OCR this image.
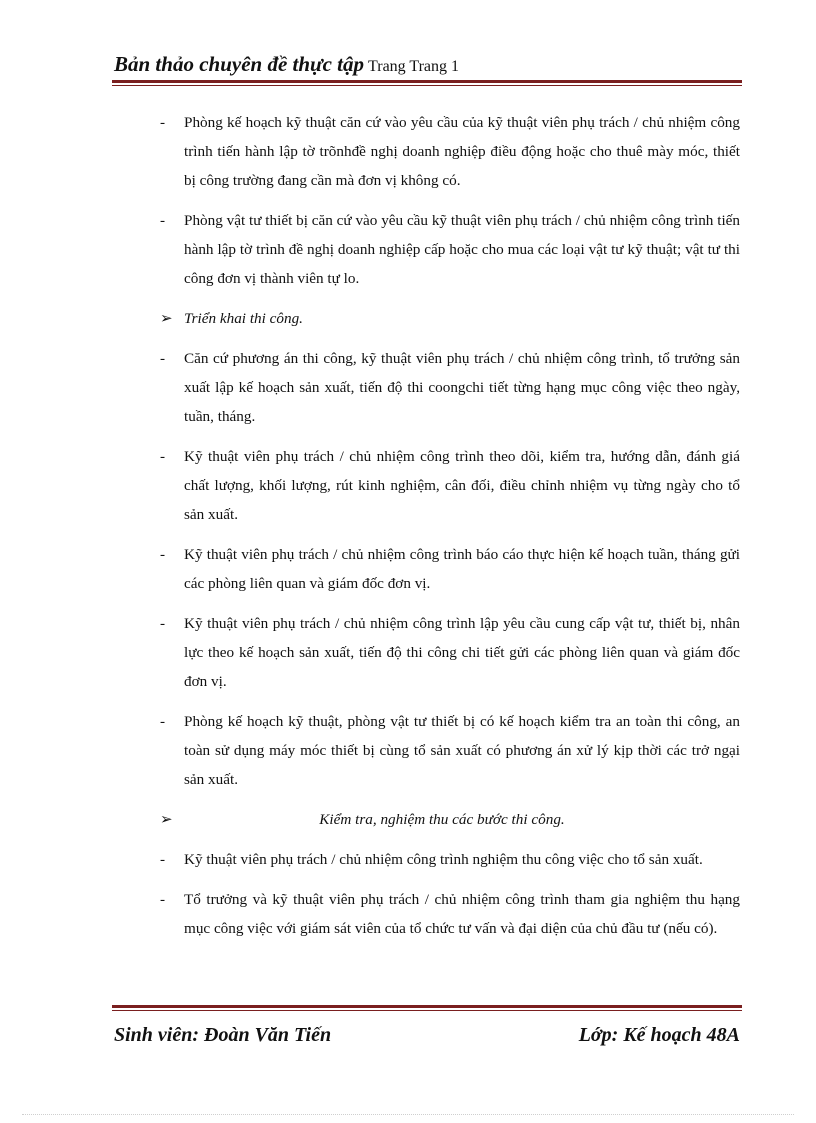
Bản thảo chuyên đề thực tập Trang Trang 1
- Phòng kế hoạch kỹ thuật căn cứ vào yêu cầu của kỹ thuật viên phụ trách / chủ nhiệm công trình tiến hành lập tờ trõnhđề nghị doanh nghiệp điều động hoặc cho thuê mày móc, thiết bị công trường đang cần mà đơn vị không có.
- Phòng vật tư thiết bị căn cứ vào yêu cầu kỹ thuật viên phụ trách / chủ nhiệm công trình tiến hành lập tờ trình đề nghị doanh nghiệp cấp hoặc cho mua các loại vật tư kỹ thuật; vật tư thi công đơn vị thành viên tự lo.
➢ Triển khai thi công.
- Căn cứ phương án thi công, kỹ thuật viên phụ trách / chủ nhiệm công trình, tổ trưởng sản xuất lập kế hoạch sản xuất, tiến độ thi coongchi tiết từng hạng mục công việc theo ngày, tuần, tháng.
- Kỹ thuật viên phụ trách / chủ nhiệm công trình theo dõi, kiểm tra, hướng dẫn, đánh giá chất lượng, khối lượng, rút kinh nghiệm, cân đối, điều chỉnh nhiệm vụ từng ngày cho tổ sản xuất.
- Kỹ thuật viên phụ trách / chủ nhiệm công trình báo cáo thực hiện kế hoạch tuần, tháng gửi các phòng liên quan và giám đốc đơn vị.
- Kỹ thuật viên phụ trách / chủ nhiệm công trình lập yêu cầu cung cấp vật tư, thiết bị, nhân lực theo kế hoạch sản xuất, tiến độ thi công chi tiết gửi các phòng liên quan và giám đốc đơn vị.
- Phòng kế hoạch kỹ thuật, phòng vật tư thiết bị có kế hoạch kiểm tra an toàn thi công, an toàn sử dụng máy móc thiết bị cùng tổ sản xuất có phương án xử lý kịp thời các trở ngại sản xuất.
➢	Kiểm tra, nghiệm thu các bước thi công.
- Kỹ thuật viên phụ trách / chủ nhiệm công trình nghiệm thu công việc cho tổ sản xuất.
- Tổ trưởng và kỹ thuật viên phụ trách / chủ nhiệm công trình tham gia nghiệm thu hạng mục công việc với giám sát viên của tổ chức tư vấn và đại diện của chủ đầu tư (nếu có).
Sinh viên: Đoàn Văn Tiến	Lớp: Kế hoạch 48A
